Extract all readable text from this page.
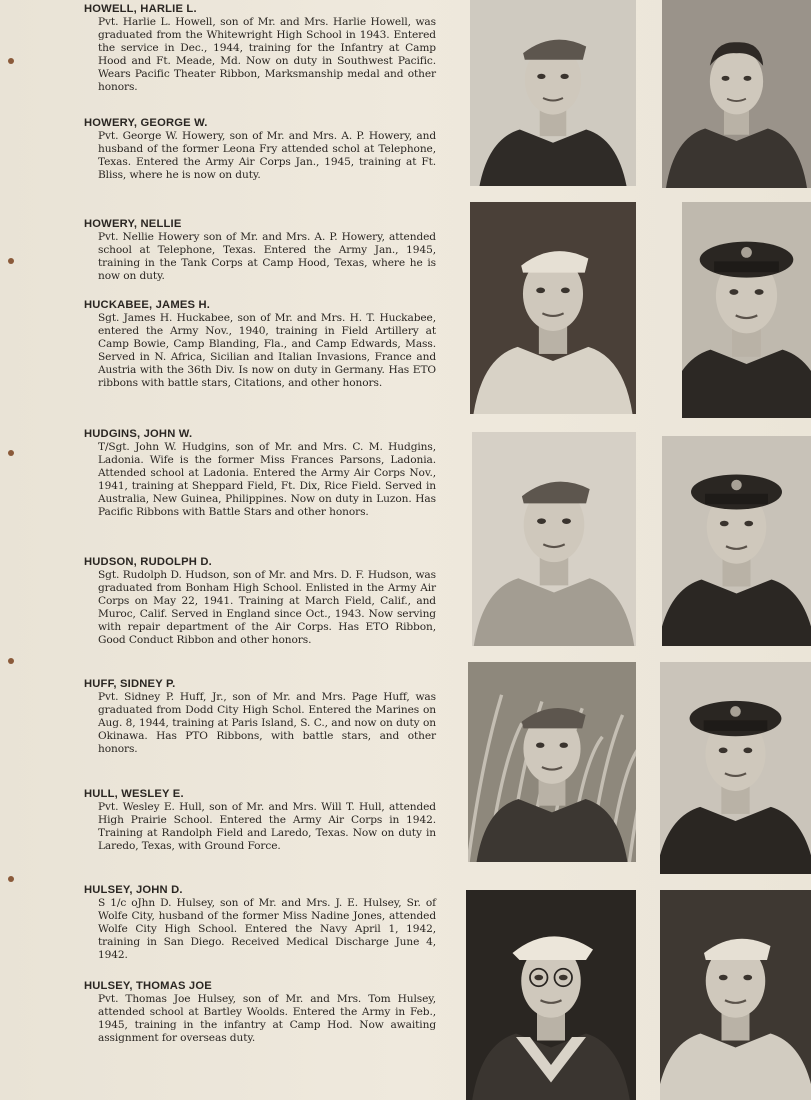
HOWELL, HARLIE L.
Pvt. Harlie L. Howell, son of Mr. and Mrs. Harlie Howell, was graduated from the Whitewright High School in 1943. Entered the service in Dec., 1944, training for the Infantry at Camp Hood and Ft. Meade, Md. Now on duty in Southwest Pacific. Wears Pacific Theater Ribbon, Marksmanship medal and other honors.
HOWERY, GEORGE W.
Pvt. George W. Howery, son of Mr. and Mrs. A. P. Howery, and husband of the former Leona Fry attended schol at Telephone, Texas. Entered the Army Air Corps Jan., 1945, training at Ft. Bliss, where he is now on duty.
HOWERY, NELLIE
Pvt. Nellie Howery son of Mr. and Mrs. A. P. Howery, attended school at Telephone, Texas. Entered the Army Jan., 1945, training in the Tank Corps at Camp Hood, Texas, where he is now on duty.
HUCKABEE, JAMES H.
Sgt. James H. Huckabee, son of Mr. and Mrs. H. T. Huckabee, entered the Army Nov., 1940, training in Field Artillery at Camp Bowie, Camp Blanding, Fla., and Camp Edwards, Mass. Served in N. Africa, Sicilian and Italian Invasions, France and Austria with the 36th Div. Is now on duty in Germany. Has ETO ribbons with battle stars, Citations, and other honors.
HUDGINS, JOHN W.
T/Sgt. John W. Hudgins, son of Mr. and Mrs. C. M. Hudgins, Ladonia. Wife is the former Miss Frances Parsons, Ladonia. Attended school at Ladonia. Entered the Army Air Corps Nov., 1941, training at Sheppard Field, Ft. Dix, Rice Field. Served in Australia, New Guinea, Philippines. Now on duty in Luzon. Has Pacific Ribbons with Battle Stars and other honors.
HUDSON, RUDOLPH D.
Sgt. Rudolph D. Hudson, son of Mr. and Mrs. D. F. Hudson, was graduated from Bonham High School. Enlisted in the Army Air Corps on May 22, 1941. Training at March Field, Calif., and Muroc, Calif. Served in England since Oct., 1943. Now serving with repair department of the Air Corps. Has ETO Ribbon, Good Conduct Ribbon and other honors.
HUFF, SIDNEY P.
Pvt. Sidney P. Huff, Jr., son of Mr. and Mrs. Page Huff, was graduated from Dodd City High Schol. Entered the Marines on Aug. 8, 1944, training at Paris Island, S. C., and now on duty on Okinawa. Has PTO Ribbons, with battle stars, and other honors.
HULL, WESLEY E.
Pvt. Wesley E. Hull, son of Mr. and Mrs. Will T. Hull, attended High Prairie School. Entered the Army Air Corps in 1942. Training at Randolph Field and Laredo, Texas. Now on duty in Laredo, Texas, with Ground Force.
HULSEY, JOHN D.
S 1/c oJhn D. Hulsey, son of Mr. and Mrs. J. E. Hulsey, Sr. of Wolfe City, husband of the former Miss Nadine Jones, attended Wolfe City High School. Entered the Navy April 1, 1942, training in San Diego. Received Medical Discharge June 4, 1942.
HULSEY, THOMAS JOE
Pvt. Thomas Joe Hulsey, son of Mr. and Mrs. Tom Hulsey, attended school at Bartley Woolds. Entered the Army in Feb., 1945, training in the infantry at Camp Hod. Now awaiting assignment for overseas duty.
